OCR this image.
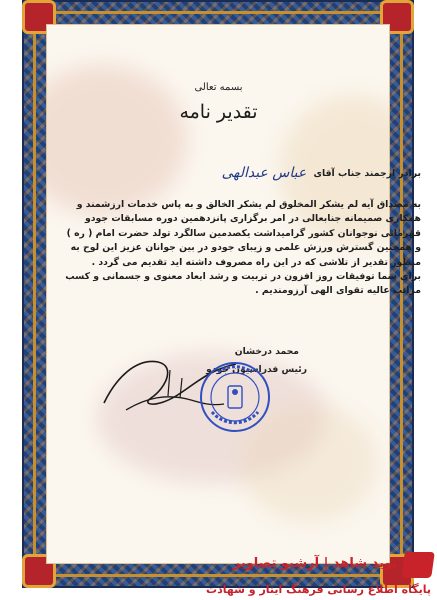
بسمه تعالی
تقدیر نامه
برادر ارجمند جناب آقای عباس عبدالهی

به مصداق آیه لم یشکر المخلوق لم یشکر الخالق و به پاس خدمات ارزشمند و

همکاری صمیمانه جنابعالی در امر برگزاری پانزدهمین دوره مسابقات جودو

قهرمانی نوجوانان کشور گرامیداشت یکصدمین سالگرد تولد حضرت امام ( ره )

و همچنین گسترش ورزش علمی و زیبای جودو در بین جوانان عزیز این لوح به

منظور تقدیر از تلاشی که در این راه مصروف داشته اید تقدیم می گردد .

برای شما توفیقات روز افزون در تربیت و رشد ابعاد معنوی و جسمانی و کسب

مراتب عالیه تقوای الهی آرزومندیم .

محمد درخشان
رئیس فدراسیون جودو
نوید شاهد | آرشیو تصاویر
پایگاه اطلاع رسانی فرهنگ ایثار و شهادت
